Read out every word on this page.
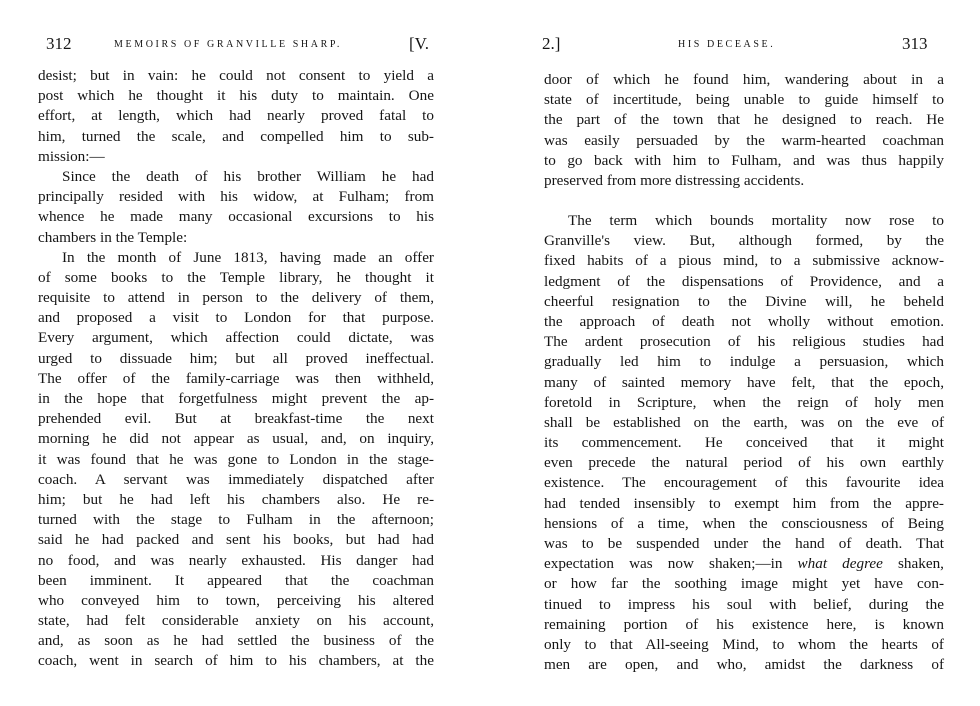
312	MEMOIRS OF GRANVILLE SHARP.	[V.
desist; but in vain: he could not consent to yield a
post which he thought it his duty to maintain. One
effort, at length, which had nearly proved fatal to
him, turned the scale, and compelled him to sub-
mission:—
Since the death of his brother William he had
principally resided with his widow, at Fulham; from
whence he made many occasional excursions to his
chambers in the Temple:
In the month of June 1813, having made an offer
of some books to the Temple library, he thought it
requisite to attend in person to the delivery of them,
and proposed a visit to London for that purpose.
Every argument, which affection could dictate, was
urged to dissuade him; but all proved ineffectual.
The offer of the family-carriage was then withheld,
in the hope that forgetfulness might prevent the ap-
prehended evil. But at breakfast-time the next
morning he did not appear as usual, and, on inquiry,
it was found that he was gone to London in the stage-
coach. A servant was immediately dispatched after
him; but he had left his chambers also. He re-
turned with the stage to Fulham in the afternoon;
said he had packed and sent his books, but had had
no food, and was nearly exhausted. His danger had
been imminent. It appeared that the coachman
who conveyed him to town, perceiving his altered
state, had felt considerable anxiety on his account,
and, as soon as he had settled the business of the
coach, went in search of him to his chambers, at the
2.]	HIS DECEASE.	313
door of which he found him, wandering about in a
state of incertitude, being unable to guide himself to
the part of the town that he designed to reach. He
was easily persuaded by the warm-hearted coachman
to go back with him to Fulham, and was thus happily
preserved from more distressing accidents.
The term which bounds mortality now rose to
Granville's view. But, although formed, by the
fixed habits of a pious mind, to a submissive acknow-
ledgment of the dispensations of Providence, and a
cheerful resignation to the Divine will, he beheld
the approach of death not wholly without emotion.
The ardent prosecution of his religious studies had
gradually led him to indulge a persuasion, which
many of sainted memory have felt, that the epoch,
foretold in Scripture, when the reign of holy men
shall be established on the earth, was on the eve of
its commencement. He conceived that it might
even precede the natural period of his own earthly
existence. The encouragement of this favourite idea
had tended insensibly to exempt him from the appre-
hensions of a time, when the consciousness of Being
was to be suspended under the hand of death. That
expectation was now shaken;—in what degree shaken,
or how far the soothing image might yet have con-
tinued to impress his soul with belief, during the
remaining portion of his existence here, is known
only to that All-seeing Mind, to whom the hearts of
men are open, and who, amidst the darkness of
